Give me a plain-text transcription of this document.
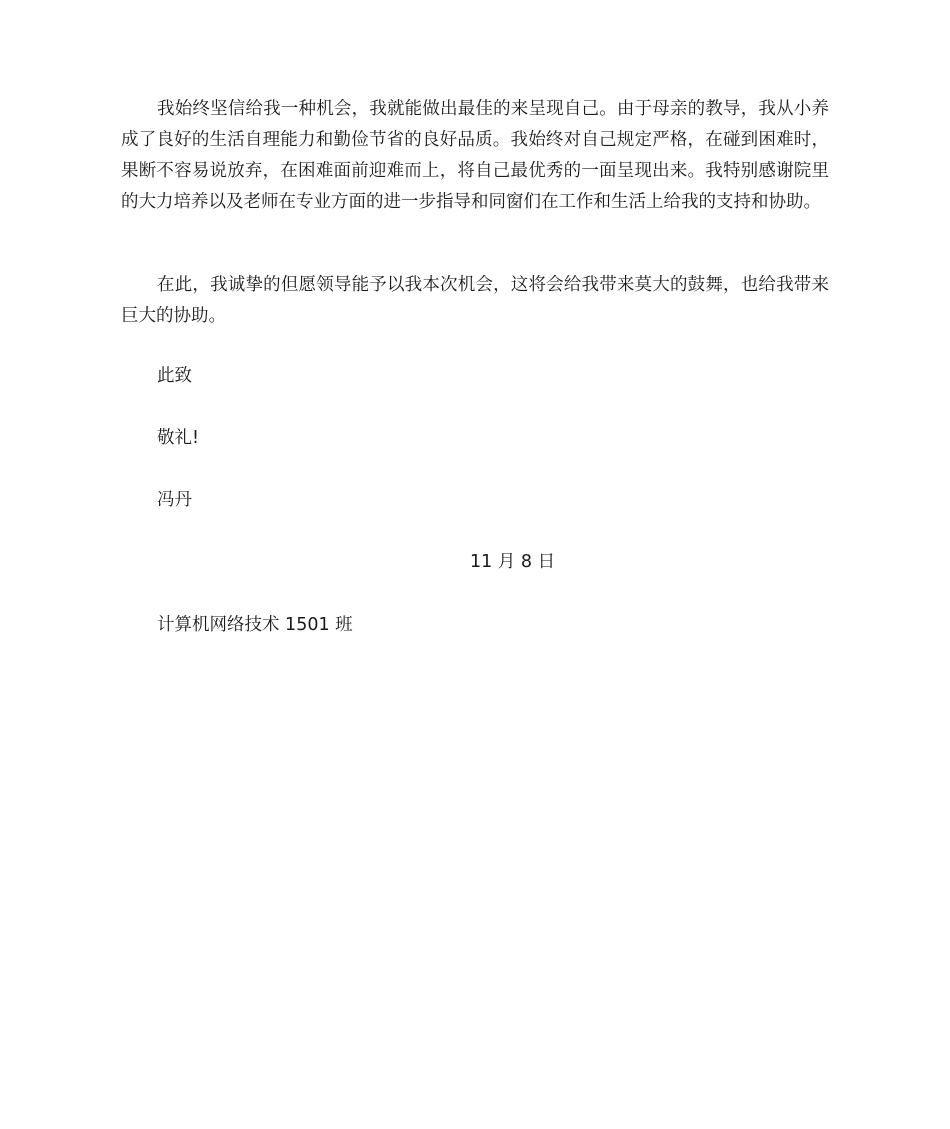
我始终坚信给我一种机会，我就能做出最佳的来呈现自己。由于母亲的教导，我从小养成了良好的生活自理能力和勤俭节省的良好品质。我始终对自己规定严格，在碰到困难时，果断不容易说放弃，在困难面前迎难而上，将自己最优秀的一面呈现出来。我特别感谢院里的大力培养以及老师在专业方面的进一步指导和同窗们在工作和生活上给我的支持和协助。

在此，我诚挚的但愿领导能予以我本次机会，这将会给我带来莫大的鼓舞，也给我带来巨大的协助。

此致

敬礼!

冯丹

11 月 8 日

计算机网络技术 1501 班
